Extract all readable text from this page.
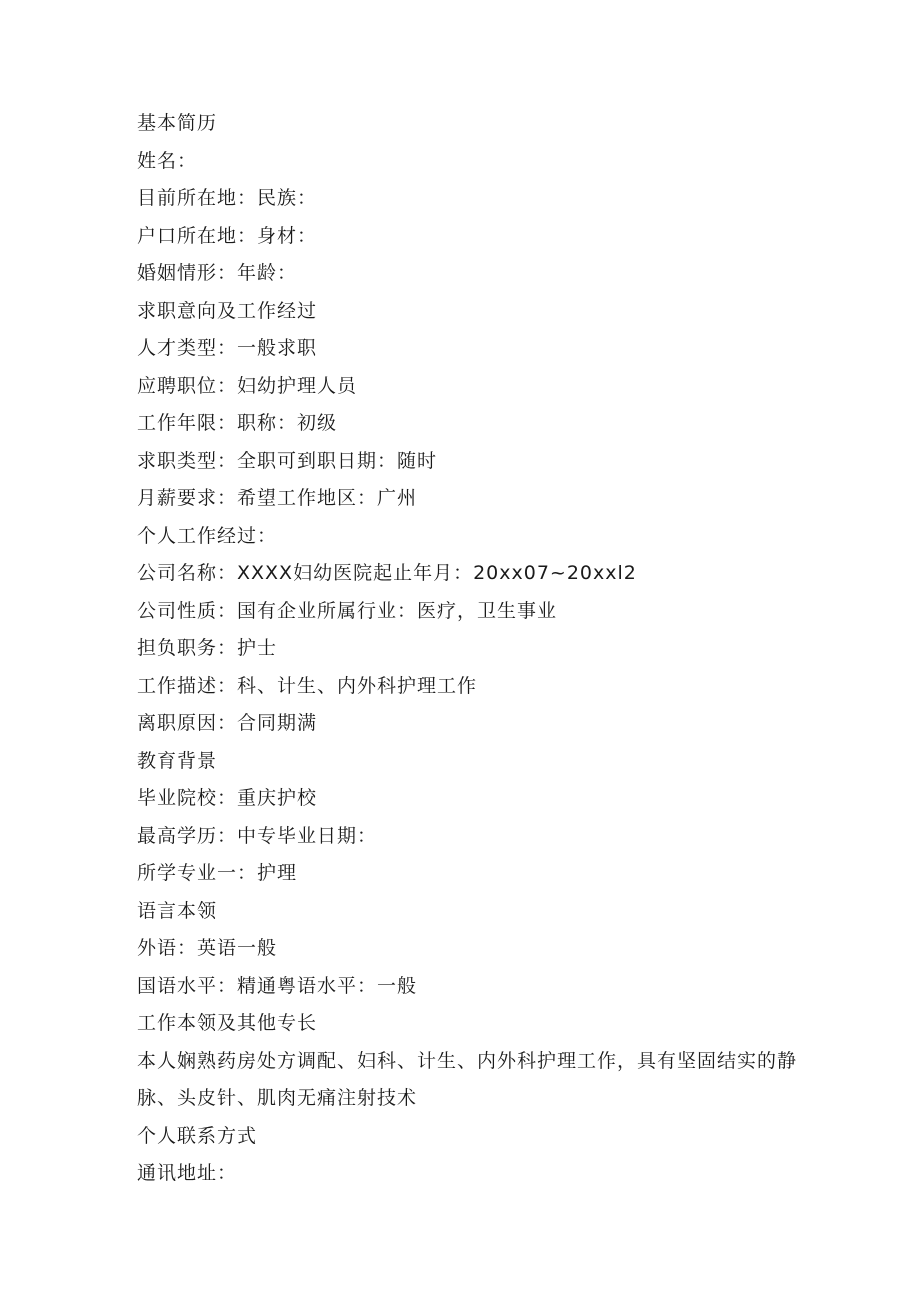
基本简历
姓名：
目前所在地：民族：
户口所在地：身材：
婚姻情形：年龄：
求职意向及工作经过
人才类型：一般求职
应聘职位：妇幼护理人员
工作年限：职称：初级
求职类型：全职可到职日期：随时
月薪要求：希望工作地区：广州
个人工作经过：
公司名称：XXXX妇幼医院起止年月：20xx07~20xxl2
公司性质：国有企业所属行业：医疗，卫生事业
担负职务：护士
工作描述：科、计生、内外科护理工作
离职原因：合同期满
教育背景
毕业院校：重庆护校
最高学历：中专毕业日期：
所学专业一：护理
语言本领
外语：英语一般
国语水平：精通粤语水平：一般
工作本领及其他专长
本人娴熟药房处方调配、妇科、计生、内外科护理工作，具有坚固结实的静脉、头皮针、肌肉无痛注射技术
个人联系方式
通讯地址：
